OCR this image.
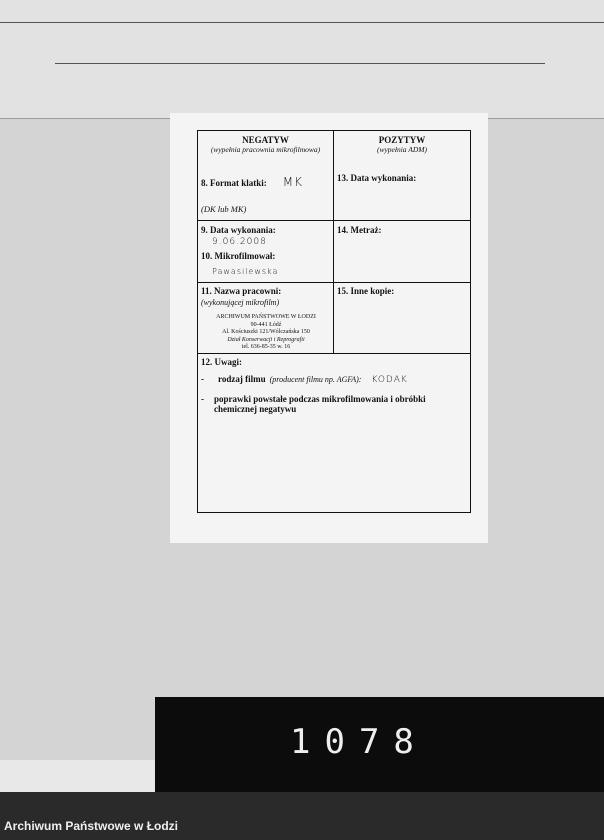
NEGATYW
(wypełnia pracownia mikrofilmowa)
8. Format klatki: MK
(DK lub MK)
POZYTYW
(wypełnia ADM)
13. Data wykonania:
9. Data wykonania:
9.06.2008
10. Mikrofilmował:
Pawasilewska
14. Metraż:
11. Nazwa pracowni:
(wykonującej mikrofilm)
ARCHIWUM PAŃSTWOWE W ŁODZI
90-441 Łódź
Al. Kościuszki 121/Wólczańska 150
Dział Konserwacji i Reprografii
tel. 636-85-35 w. 16
15. Inne kopie:
12. Uwagi:
- rodzaj filmu (producent filmu np. AGFA): KODAK
- poprawki powstałe podczas mikrofilmowania i obróbki chemicznej negatywu
1078
Archiwum Państwowe w Łodzi
